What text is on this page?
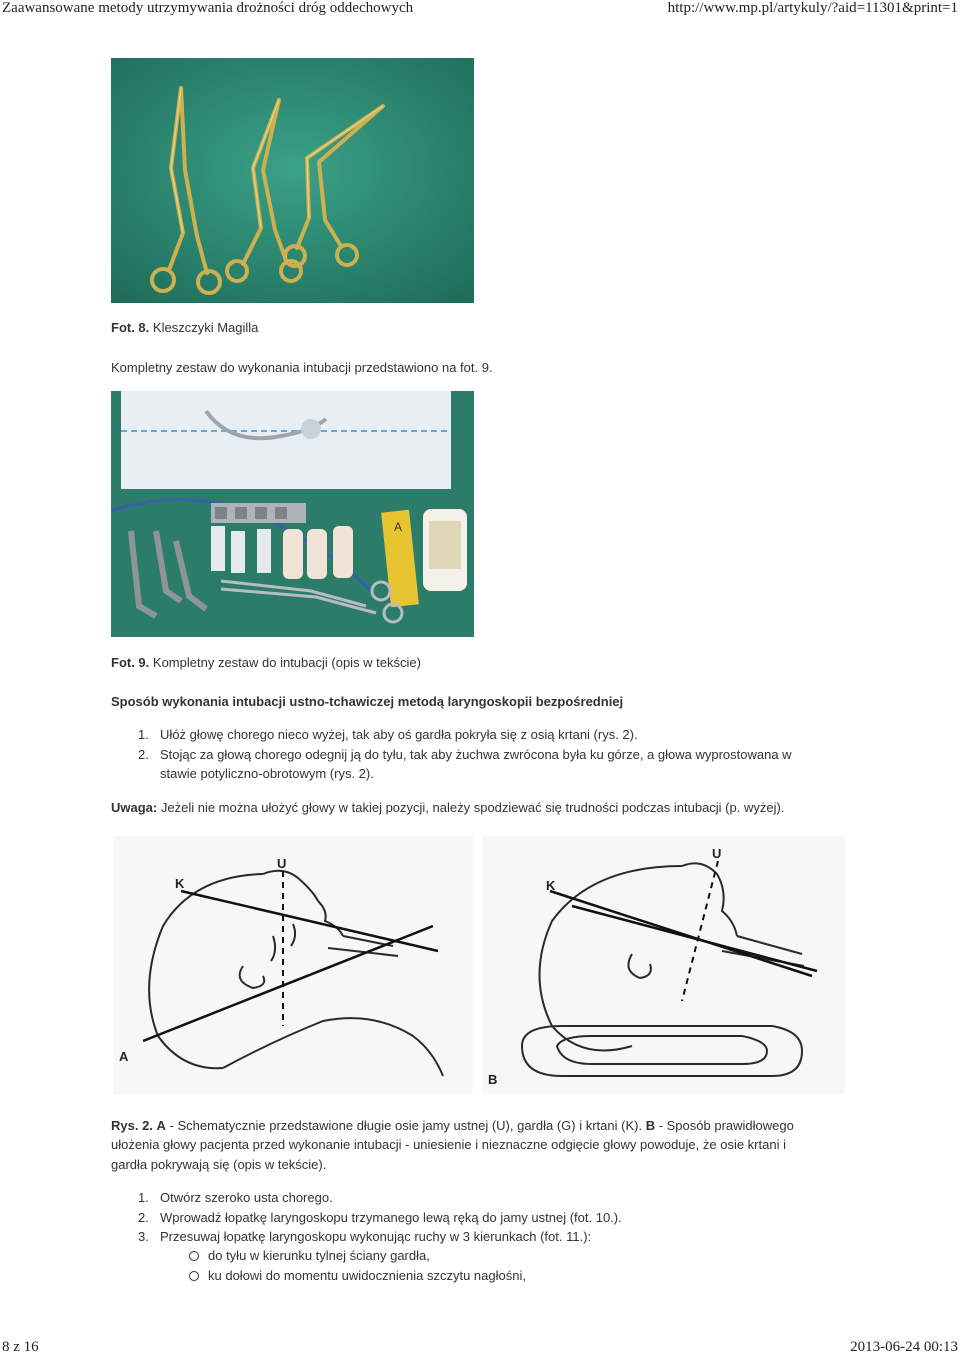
Zaawansowane metody utrzymywania drożności dróg oddechowych	http://www.mp.pl/artykuly/?aid=11301&print=1
Fot. 8. Kleszczyki Magilla
Kompletny zestaw do wykonania intubacji przedstawiono na fot. 9.
A
Fot. 9. Kompletny zestaw do intubacji (opis w tekście)
Sposób wykonania intubacji ustno-tchawiczej metodą laryngoskopii bezpośredniej
1. Ułóż głowę chorego nieco wyżej, tak aby oś gardła pokryła się z osią krtani (rys. 2).
2. Stojąc za głową chorego odegnij ją do tyłu, tak aby żuchwa zwrócona była ku górze, a głowa wyprostowana w
stawie potyliczno-obrotowym (rys. 2).
Uwaga: Jeżeli nie można ułożyć głowy w takiej pozycji, należy spodziewać się trudności podczas intubacji (p. wyżej).
K
U
A
K
U
B
Rys. 2. A - Schematycznie przedstawione długie osie jamy ustnej (U), gardła (G) i krtani (K). B - Sposób prawidłowego
ułożenia głowy pacjenta przed wykonanie intubacji - uniesienie i nieznaczne odgięcie głowy powoduje, że osie krtani i
gardła pokrywają się (opis w tekście).
1. Otwórz szeroko usta chorego.
2. Wprowadź łopatkę laryngoskopu trzymanego lewą ręką do jamy ustnej (fot. 10.).
3. Przesuwaj łopatkę laryngoskopu wykonując ruchy w 3 kierunkach (fot. 11.):
do tyłu w kierunku tylnej ściany gardła,
ku dołowi do momentu uwidocznienia szczytu nagłośni,
8 z 16	2013-06-24 00:13
